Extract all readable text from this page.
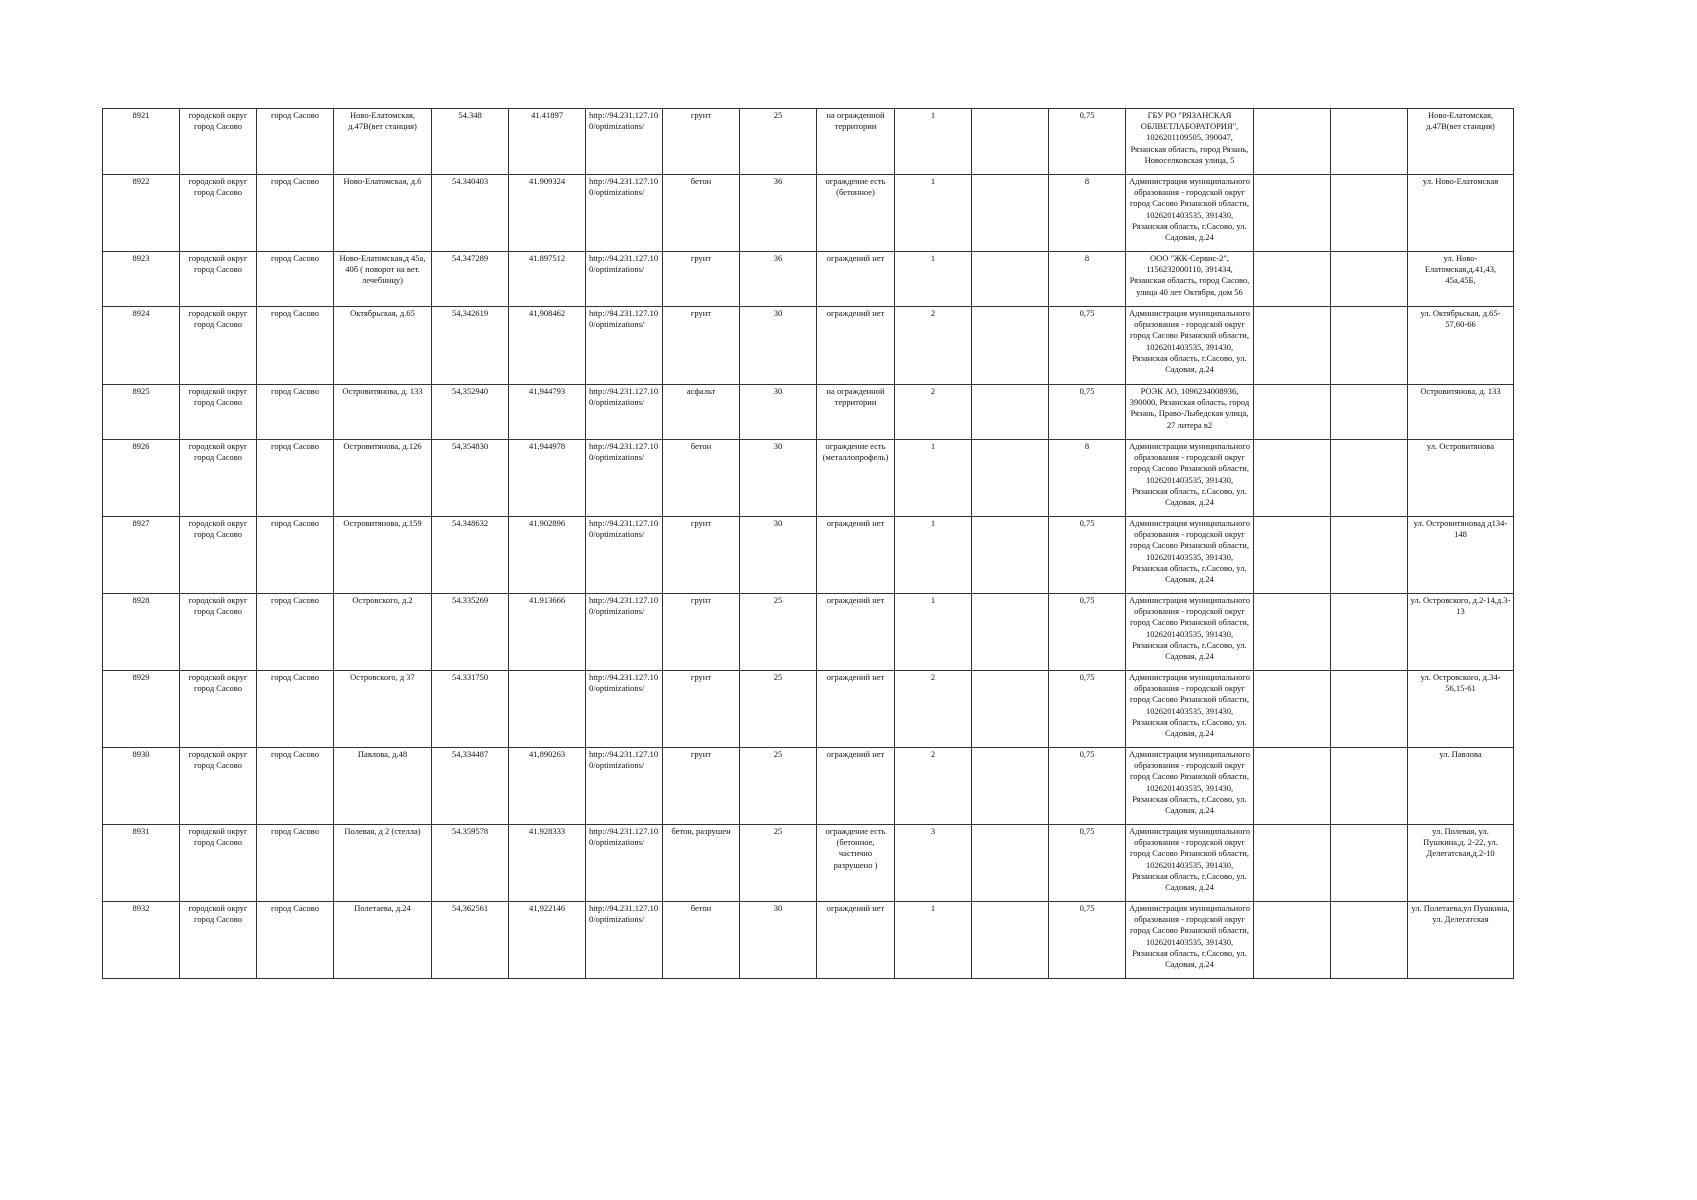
8921	городской округ город Сасово	город Сасово	Ново-Елатомская, д.47В(вет станция)	54.348	41.41897	http://94.231.127.100/optimizations/	грунт	25	на огражденной территории	1		0,75	ГБУ РО "РЯЗАНСКАЯ ОБЛВЕТЛАБОРАТОРИЯ", 1026201109505, 390047, Рязанская область, город Рязань, Новоселковская улица, 5			Ново-Елатомская, д.47В(вет станция)
8922	городской округ город Сасово	город Сасово	Ново-Елатомская, д.6	54.340403	41.909324	http://94.231.127.100/optimizations/	бетон	36	ограждение есть (бетонное)	1		8	Администрация муниципального образования - городской округ город Сасово Рязанской области, 1026201403535, 391430, Рязанская область, г.Сасово, ул. Садовая, д.24			ул. Ново-Елатомская
8923	городской округ город Сасово	город Сасово	Ново-Елатомская,д 45а, 40б ( поворот на вет. лечебницу)	54.347289	41.897512	http://94.231.127.100/optimizations/	грунт	36	ограждений нет	1		8	ООО "ЖК-Сервис-2", 1156232000110, 391434, Рязанская область, город Сасово, улица 40 лет Октября, дом 56			ул. Ново-Елатомская,д.41,43, 45а,45Б,
8924	городской округ город Сасово	город Сасово	Октябрьская, д.65	54,342619	41,908462	http://94.231.127.100/optimizations/	грунт	30	ограждений нет	2		0,75	Администрация муниципального образования - городской округ город Сасово Рязанской области, 1026201403535, 391430, Рязанская область, г.Сасово, ул. Садовая, д.24			ул. Октябрьская, д.65-57,60-66
8925	городской округ город Сасово	город Сасово	Островитянова, д. 133	54,352940	41,944793	http://94.231.127.100/optimizations/	асфальт	30	на огражденной территории	2		0,75	РОЭК АО, 1096234008936, 390000, Рязанская область, город Рязань, Право-Лыбедская улица, 27 литера в2			Островитянова, д. 133
8926	городской округ город Сасово	город Сасово	Островитянова, д.126	54,354830	41,944978	http://94.231.127.100/optimizations/	бетон	30	ограждение есть (металлопрофель)	1		8	Администрация муниципального образования - городской округ город Сасово Рязанской области, 1026201403535, 391430, Рязанская область, г.Сасово, ул. Садовая, д.24			ул. Островитянова
8927	городской округ город Сасово	город Сасово	Островитянова, д.159	54.348632	41.902896	http://94.231.127.100/optimizations/	грунт	30	ограждений нет	1		0,75	Администрация муниципального образования - городской округ город Сасово Рязанской области, 1026201403535, 391430, Рязанская область, г.Сасово, ул. Садовая, д.24			ул. Островитяновад д134-148
8928	городской округ город Сасово	город Сасово	Островского, д.2	54.335269	41.913666	http://94.231.127.100/optimizations/	грунт	25	ограждений нет	1		0,75	Администрация муниципального образования - городской округ город Сасово Рязанской области, 1026201403535, 391430, Рязанская область, г.Сасово, ул. Садовая, д.24			ул. Островского, д.2-14,д.3-13
8929	городской округ город Сасово	город Сасово	Островского, д 37	54.331750		http://94.231.127.100/optimizations/	грунт	25	ограждений нет	2		0,75	Администрация муниципального образования - городской округ город Сасово Рязанской области, 1026201403535, 391430, Рязанская область, г.Сасово, ул. Садовая, д.24			ул. Островского, д.34-56,15-61
8930	городской округ город Сасово	город Сасово	Павлова, д.48	54,334487	41,890263	http://94.231.127.100/optimizations/	грунт	25	ограждений нет	2		0,75	Администрация муниципального образования - городской округ город Сасово Рязанской области, 1026201403535, 391430, Рязанская область, г.Сасово, ул. Садовая, д.24			ул. Павлова
8931	городской округ город Сасово	город Сасово	Полевая, д 2 (стелла)	54.359578	41.928333	http://94.231.127.100/optimizations/	бетон, разрушен	25	ограждение есть (бетонное, частично разрушено )	3		0,75	Администрация муниципального образования - городской округ город Сасово Рязанской области, 1026201403535, 391430, Рязанская область, г.Сасово, ул. Садовая, д.24			ул. Полевая, ул. Пушкина,д. 2-22, ул. Делегатская,д.2-10
8932	городской округ город Сасово	город Сасово	Полетаева, д.24	54,362561	41,922146	http://94.231.127.100/optimizations/	бетон	30	ограждений нет	1		0,75	Администрация муниципального образования - городской округ город Сасово Рязанской области, 1026201403535, 391430, Рязанская область, г.Сасово, ул. Садовая, д.24			ул. Полетаева,ул Пушкина, ул. Делегатская
